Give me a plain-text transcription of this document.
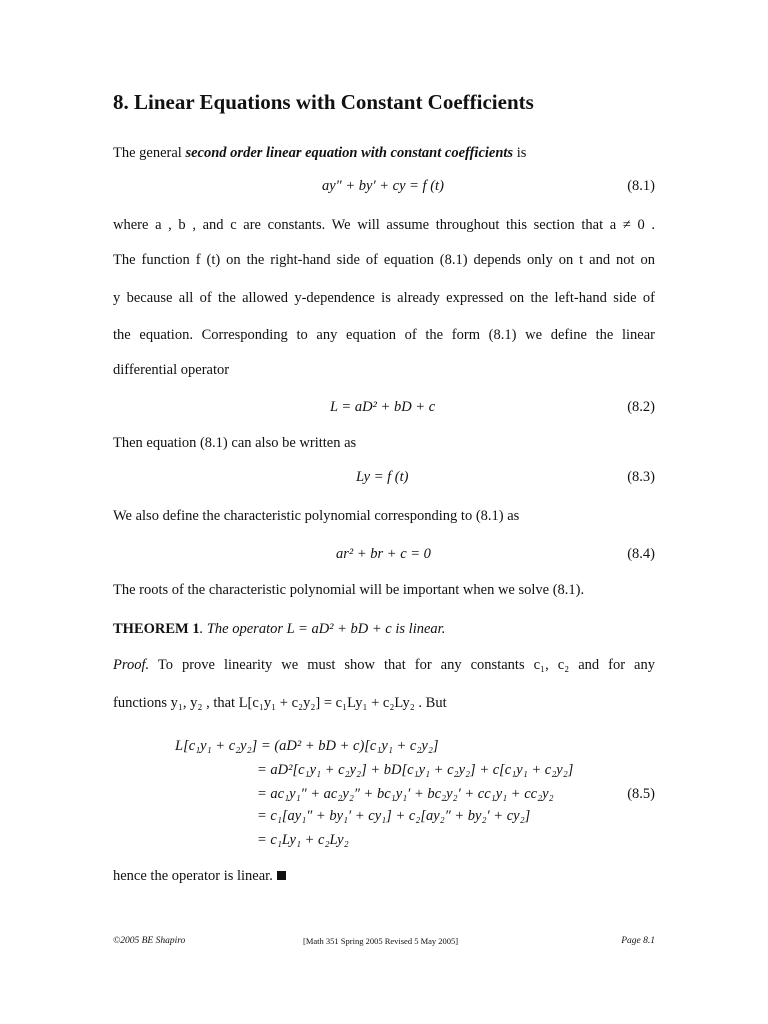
8. Linear Equations with Constant Coefficients
The general second order linear equation with constant coefficients is
ay″ + by′ + cy = f (t)	(8.1)
where a , b , and c are constants. We will assume throughout this section that a ≠ 0 .
The function f (t) on the right-hand side of equation (8.1) depends only on t and not on
y because all of the allowed y-dependence is already expressed on the left-hand side of
the equation. Corresponding to any equation of the form (8.1) we define the linear
differential operator
L = aD² + bD + c	(8.2)
Then equation (8.1) can also be written as
Ly = f (t)	(8.3)
We also define the characteristic polynomial corresponding to (8.1) as
ar² + br + c = 0	(8.4)
The roots of the characteristic polynomial will be important when we solve (8.1).
THEOREM 1. The operator L = aD² + bD + c is linear.
Proof. To prove linearity we must show that for any constants c₁, c₂ and for any
functions y₁, y₂ , that L[c₁y₁ + c₂y₂] = c₁Ly₁ + c₂Ly₂ . But
L[c₁y₁ + c₂y₂] = (aD² + bD + c)[c₁y₁ + c₂y₂]
= aD²[c₁y₁ + c₂y₂] + bD[c₁y₁ + c₂y₂] + c[c₁y₁ + c₂y₂]
= ac₁y₁″ + ac₂y₂″ + bc₁y₁′ + bc₂y₂′ + cc₁y₁ + cc₂y₂	(8.5)
= c₁[ay₁″ + by₁′ + cy₁] + c₂[ay₂″ + by₂′ + cy₂]
= c₁Ly₁ + c₂Ly₂
hence the operator is linear.
©2005 BE Shapiro	[Math 351 Spring 2005 Revised 5 May 2005]	Page 8.1
